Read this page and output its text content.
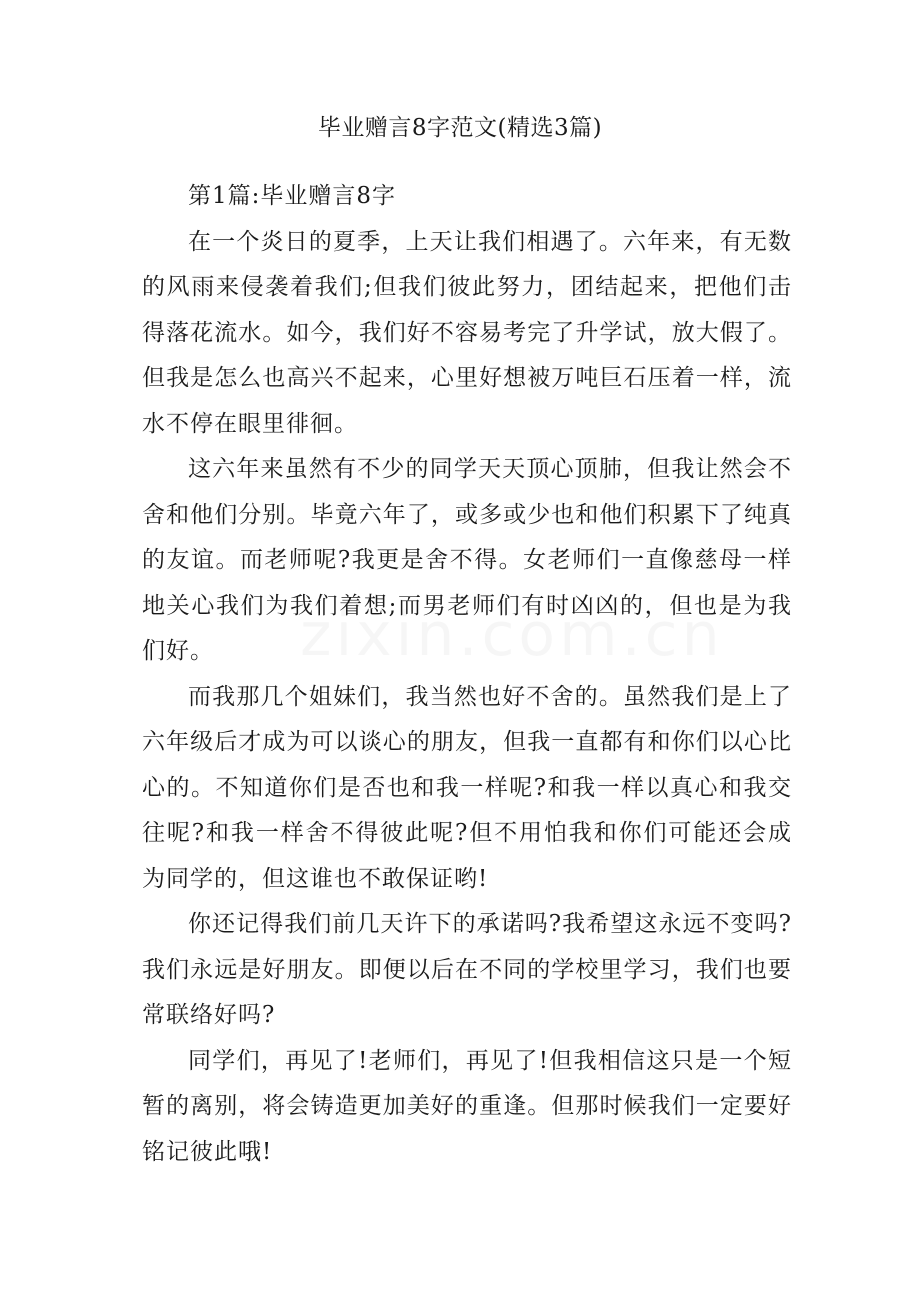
毕业赠言8字范文(精选3篇)

第1篇:毕业赠言8字

在一个炎日的夏季，上天让我们相遇了。六年来，有无数的风雨来侵袭着我们;但我们彼此努力，团结起来，把他们击得落花流水。如今，我们好不容易考完了升学试，放大假了。但我是怎么也高兴不起来，心里好想被万吨巨石压着一样，流水不停在眼里徘徊。

这六年来虽然有不少的同学天天顶心顶肺，但我让然会不舍和他们分别。毕竟六年了，或多或少也和他们积累下了纯真的友谊。而老师呢?我更是舍不得。女老师们一直像慈母一样地关心我们为我们着想;而男老师们有时凶凶的，但也是为我们好。

而我那几个姐妹们，我当然也好不舍的。虽然我们是上了六年级后才成为可以谈心的朋友，但我一直都有和你们以心比心的。不知道你们是否也和我一样呢?和我一样以真心和我交往呢?和我一样舍不得彼此呢?但不用怕我和你们可能还会成为同学的，但这谁也不敢保证哟!

你还记得我们前几天许下的承诺吗?我希望这永远不变吗?我们永远是好朋友。即便以后在不同的学校里学习，我们也要常联络好吗?

同学们，再见了!老师们，再见了!但我相信这只是一个短暂的离别，将会铸造更加美好的重逢。但那时候我们一定要好铭记彼此哦!
